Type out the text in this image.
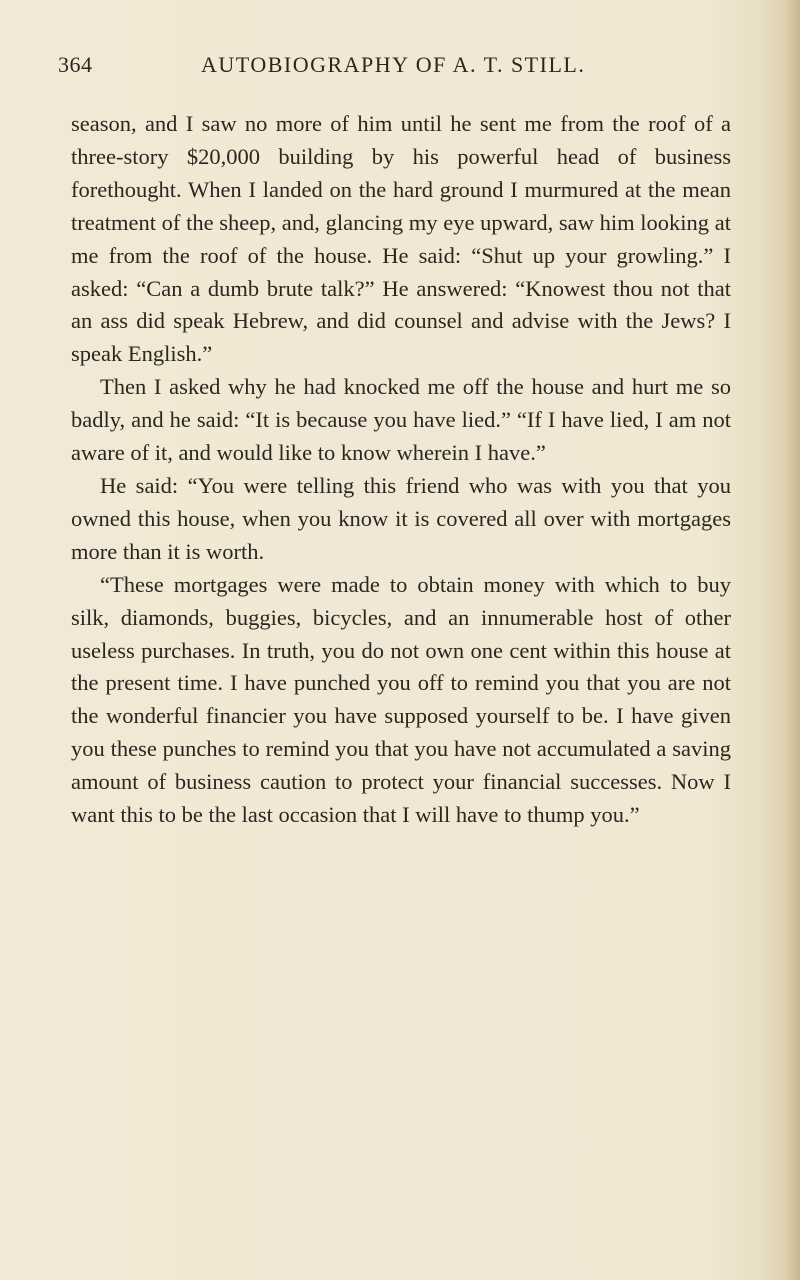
364	AUTOBIOGRAPHY OF A. T. STILL.

season, and I saw no more of him until he sent me from the roof of a three-story $20,000 building by his powerful head of business forethought. When I landed on the hard ground I murmured at the mean treatment of the sheep, and, glancing my eye upward, saw him looking at me from the roof of the house. He said: “Shut up your growling.” I asked: “Can a dumb brute talk?” He answered: “Knowest thou not that an ass did speak Hebrew, and did counsel and advise with the Jews? I speak English.”

Then I asked why he had knocked me off the house and hurt me so badly, and he said: “It is because you have lied.” “If I have lied, I am not aware of it, and would like to know wherein I have.”

He said: “You were telling this friend who was with you that you owned this house, when you know it is covered all over with mortgages more than it is worth.

“These mortgages were made to obtain money with which to buy silk, diamonds, buggies, bicycles, and an innumerable host of other useless purchases. In truth, you do not own one cent within this house at the present time. I have punched you off to remind you that you are not the wonderful financier you have supposed yourself to be. I have given you these punches to remind you that you have not accumulated a saving amount of business caution to protect your financial successes. Now I want this to be the last occasion that I will have to thump you.”
